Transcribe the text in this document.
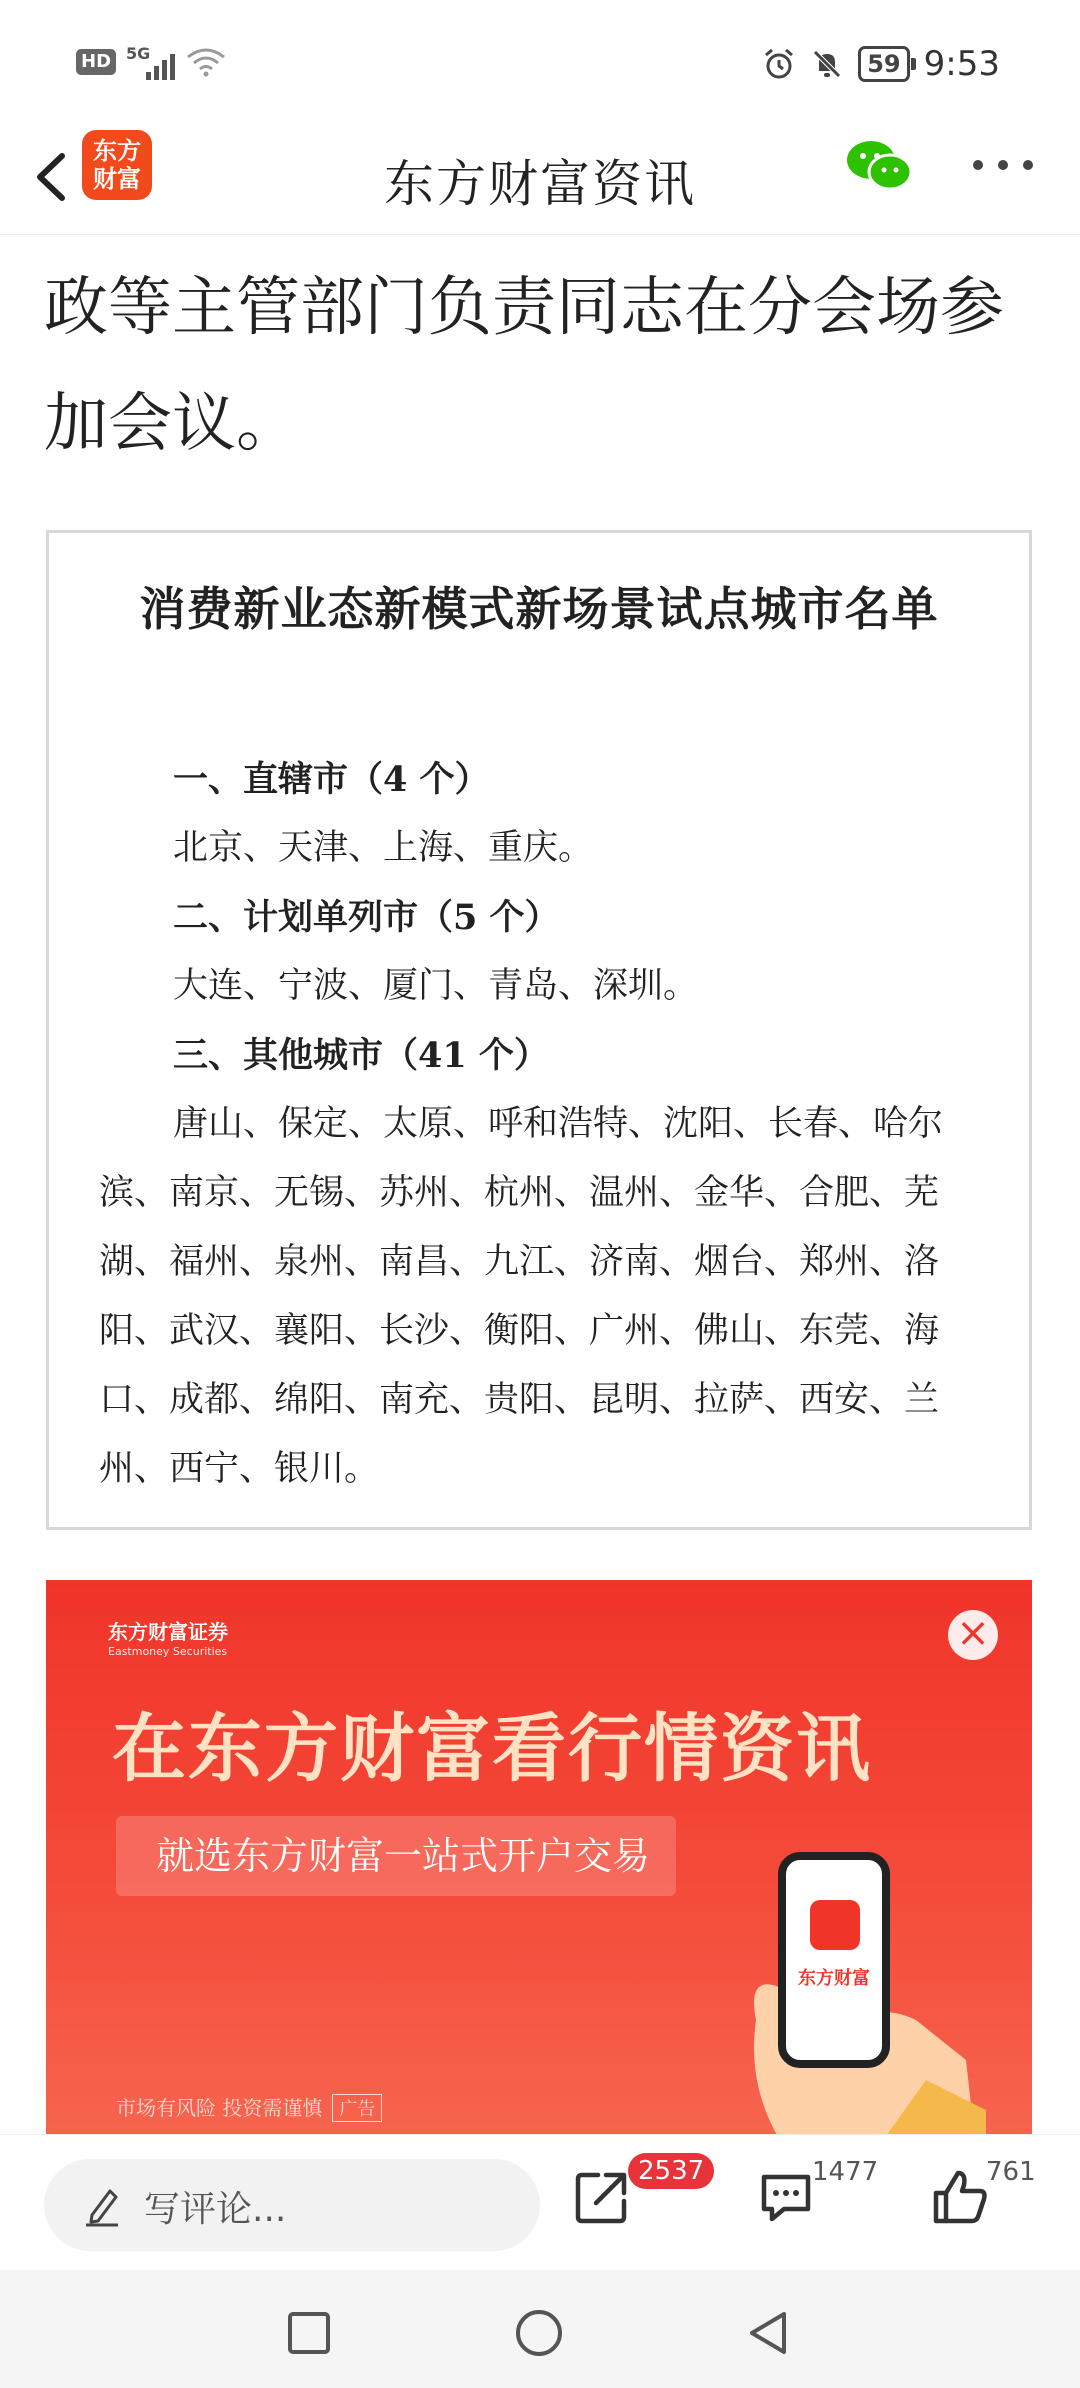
HD 5G	59 9:53
东方
财富	东方财富资讯
政等主管部门负责同志在分会场参加会议。
消费新业态新模式新场景试点城市名单
一、直辖市（4 个）
北京、天津、上海、重庆。
二、计划单列市（5 个）
大连、宁波、厦门、青岛、深圳。
三、其他城市（41 个）
唐山、保定、太原、呼和浩特、沈阳、长春、哈尔滨、南京、无锡、苏州、杭州、温州、金华、合肥、芜湖、福州、泉州、南昌、九江、济南、烟台、郑州、洛阳、武汉、襄阳、长沙、衡阳、广州、佛山、东莞、海口、成都、绵阳、南充、贵阳、昆明、拉萨、西安、兰州、西宁、银川。
东方财富证券
Eastmoney Securities	×
在东方财富看行情资讯
就选东方财富一站式开户交易
东方财富
市场有风险 投资需谨慎 广告
写评论...
2537	1477	761
